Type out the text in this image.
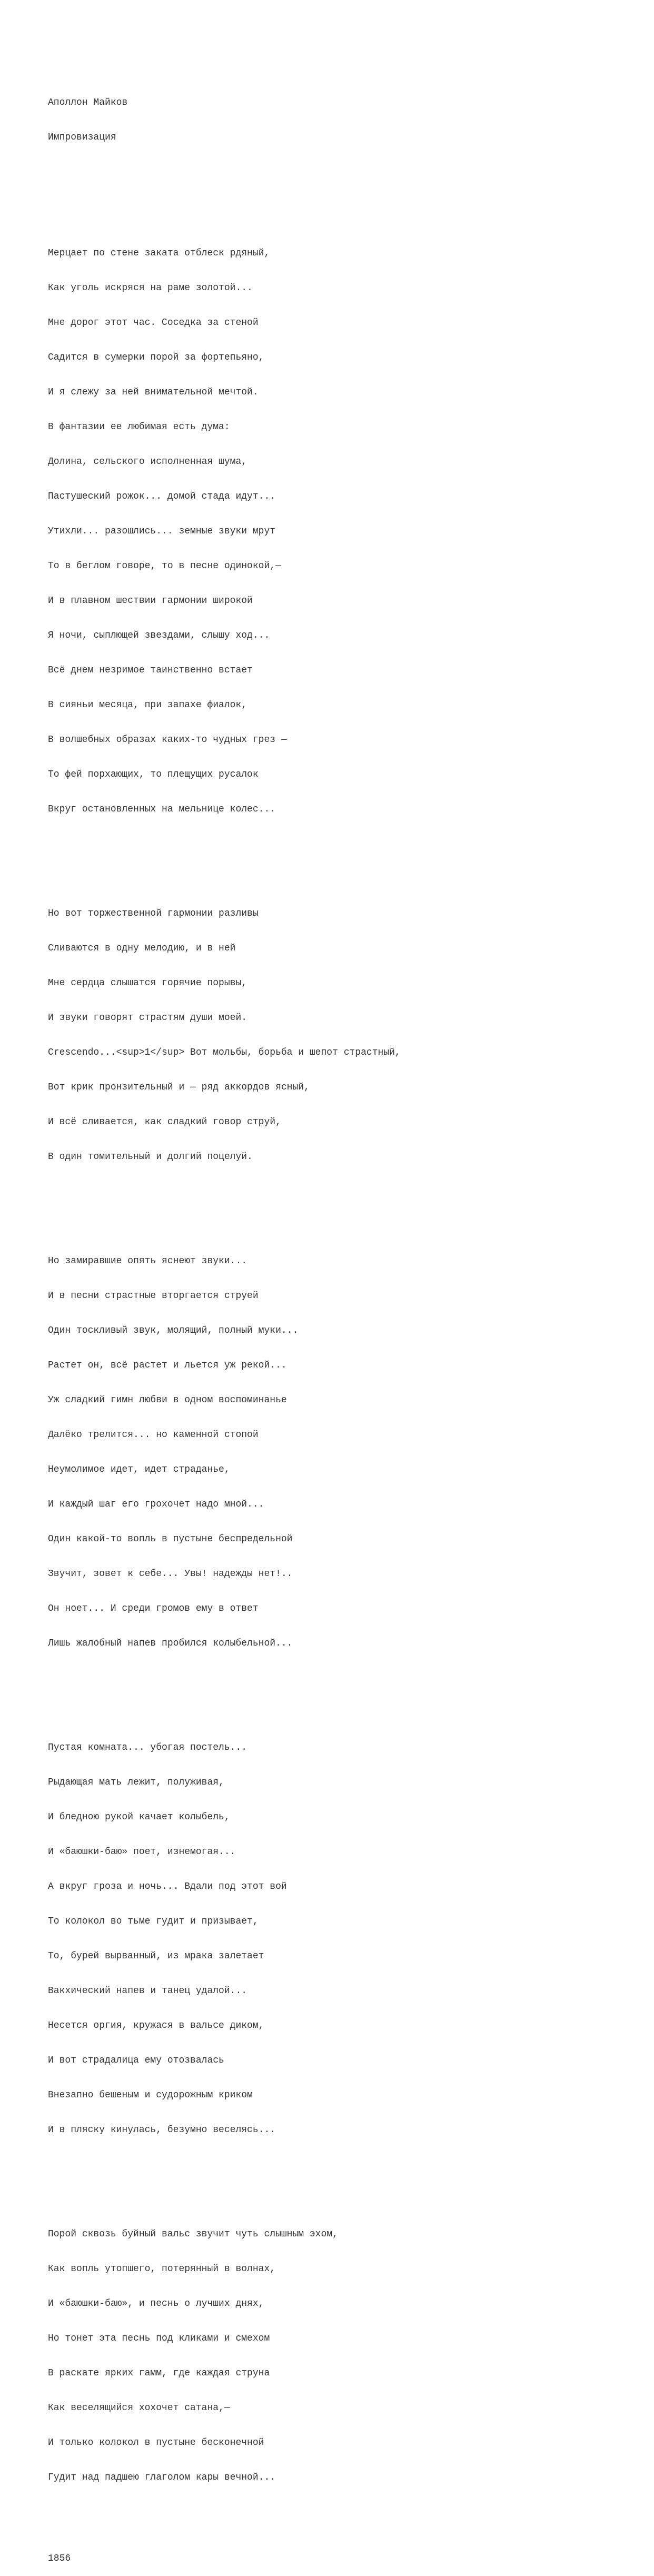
Аполлон Майков

Импровизация

Мерцает по стене заката отблеск рдяный,

Как уголь искряся на раме золотой...

Мне дорог этот час. Соседка за стеной

Садится в сумерки порой за фортепьяно,

И я слежу за ней внимательной мечтой.

В фантазии ее любимая есть дума:

Долина, сельского исполненная шума,

Пастушеский рожок... домой стада идут...

Утихли... разошлись... земные звуки мрут

То в беглом говоре, то в песне одинокой,—

И в плавном шествии гармонии широкой

Я ночи, сыплющей звездами, слышу ход...

Всё днем незримое таинственно встает

В сияньи месяца, при запахе фиалок,

В волшебных образах каких-то чудных грез —

То фей порхающих, то плещущих русалок

Вкруг остановленных на мельнице колес...

Но вот торжественной гармонии разливы

Сливаются в одну мелодию, и в ней

Мне сердца слышатся горячие порывы,

И звуки говорят страстям души моей.

Crescendo...<sup>1</sup> Вот мольбы, борьба и шепот страстный,

Вот крик пронзительный и — ряд аккордов ясный,

И всё сливается, как сладкий говор струй,

В один томительный и долгий поцелуй.

Но замиравшие опять яснеют звуки...

И в песни страстные вторгается струей

Один тоскливый звук, молящий, полный муки...

Растет он, всё растет и льется уж рекой...

Уж сладкий гимн любви в одном воспоминанье

Далёко трелится... но каменной стопой

Неумолимое идет, идет страданье,

И каждый шаг его грохочет надо мной...

Один какой-то вопль в пустыне беспредельной

Звучит, зовет к себе... Увы! надежды нет!..

Он ноет... И среди громов ему в ответ

Лишь жалобный напев пробился колыбельной...

Пустая комната... убогая постель...

Рыдающая мать лежит, полуживая,

И бледною рукой качает колыбель,

И «баюшки-баю» поет, изнемогая...

А вкруг гроза и ночь... Вдали под этот вой

То колокол во тьме гудит и призывает,

То, бурей вырванный, из мрака залетает

Вакхический напев и танец удалой...

Несется оргия, кружася в вальсе диком,

И вот страдалица ему отозвалась

Внезапно бешеным и судорожным криком

И в пляску кинулась, безумно веселясь...

Порой сквозь буйный вальс звучит чуть слышным эхом,

Как вопль утопшего, потерянный в волнах,

И «баюшки-баю», и песнь о лучших днях,

Но тонет эта песнь под кликами и смехом

В раскате ярких гамм, где каждая струна

Как веселящийся хохочет сатана,—

И только колокол в пустыне бесконечной

Гудит над падшею глаголом кары вечной...

1856
